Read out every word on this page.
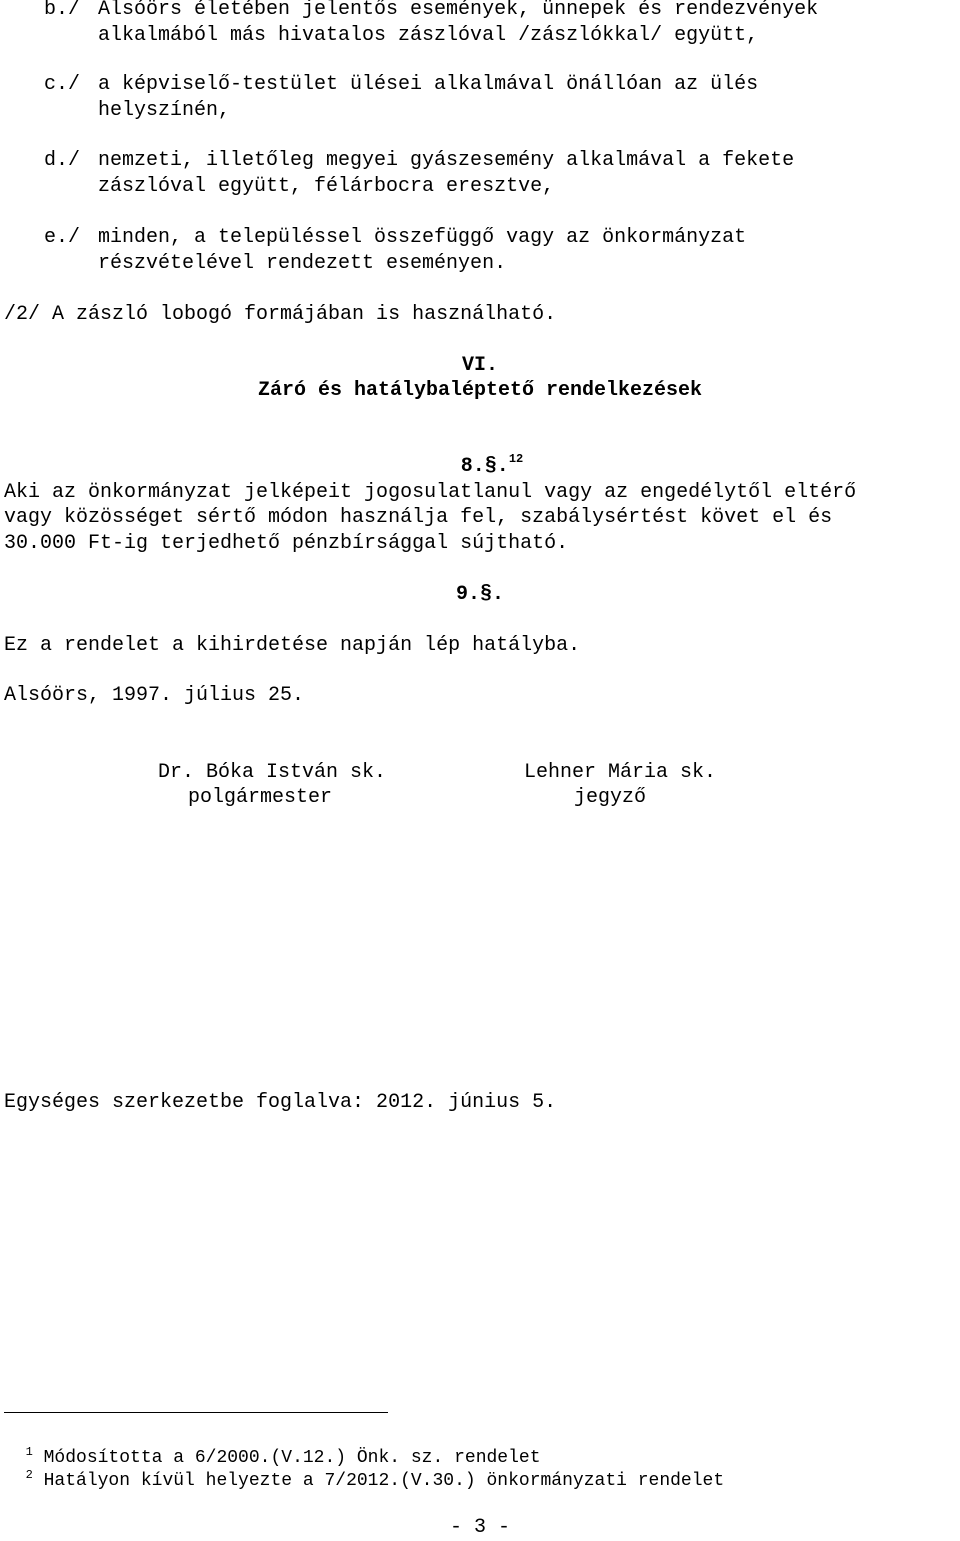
b./ Alsóörs életében jelentős események, ünnepek és rendezvények
alkalmából más hivatalos zászlóval /zászlókkal/ együtt,
c./ a képviselő-testület ülései alkalmával önállóan az ülés
helyszínén,
d./ nemzeti, illetőleg megyei gyászesemény alkalmával a fekete
zászlóval együtt, félárbocra eresztve,
e./ minden, a településsel összefüggő vagy az önkormányzat
részvételével rendezett eseményen.
/2/ A zászló lobogó formájában is használható.
VI.
Záró és hatálybaléptető rendelkezések

8.§.$^{12}$

Aki az önkormányzat jelképeit jogosulatlanul vagy az engedélytől eltérő
vagy közösséget sértő módon használja fel, szabálysértést követ el és
30.000 Ft-ig terjedhető pénzbírsággal sújtható.
9.§.
Ez a rendelet a kihirdetése napján lép hatályba.
Alsóörs, 1997. július 25.
Dr. Bóka István sk.
polgármester
Lehner Mária sk.
jegyző
Egységes szerkezetbe foglalva: 2012. június 5.

$^1$ Módosította a 6/2000.(V.12.) Önk. sz. rendelet

$^2$ Hatályon kívül helyezte a 7/2012.(V.30.) önkormányzati rendelet

- 3 -
